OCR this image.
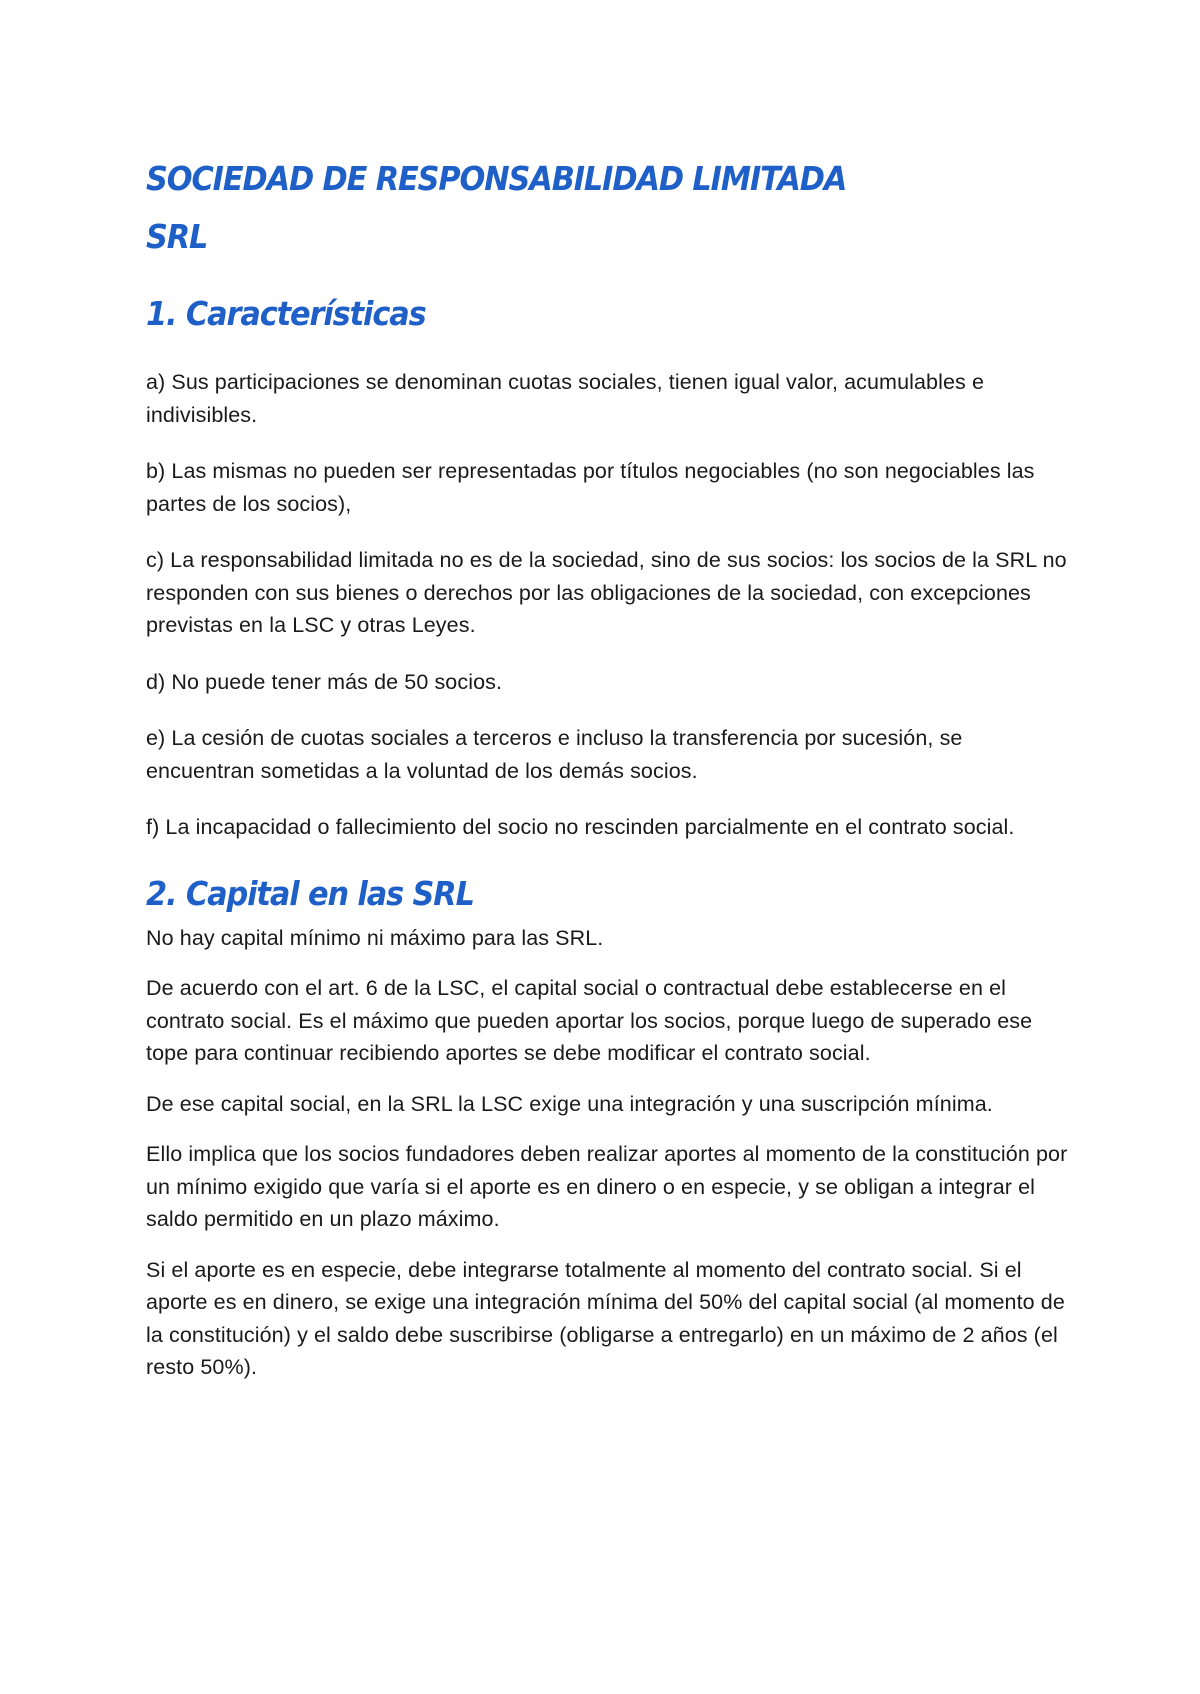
SOCIEDAD DE RESPONSABILIDAD LIMITADA
SRL
1. Características

a) Sus participaciones se denominan cuotas sociales, tienen igual valor, acumulables e indivisibles.

b) Las mismas no pueden ser representadas por títulos negociables (no son negociables las partes de los socios),

c) La responsabilidad limitada no es de la sociedad, sino de sus socios: los socios de la SRL no responden con sus bienes o derechos por las obligaciones de la sociedad, con excepciones previstas en la LSC y otras Leyes.

d) No puede tener más de 50 socios.

e) La cesión de cuotas sociales a terceros e incluso la transferencia por sucesión, se encuentran sometidas a la voluntad de los demás socios.

f) La incapacidad o fallecimiento del socio no rescinden parcialmente en el contrato social.

2. Capital en las SRL

No hay capital mínimo ni máximo para las SRL.

De acuerdo con el art. 6 de la LSC, el capital social o contractual debe establecerse en el contrato social. Es el máximo que pueden aportar los socios, porque luego de superado ese tope para continuar recibiendo aportes se debe modificar el contrato social.

De ese capital social, en la SRL la LSC exige una integración y una suscripción mínima.

Ello implica que los socios fundadores deben realizar aportes al momento de la constitución por un mínimo exigido que varía si el aporte es en dinero o en especie, y se obligan a integrar el saldo permitido en un plazo máximo.

Si el aporte es en especie, debe integrarse totalmente al momento del contrato social. Si el aporte es en dinero, se exige una integración mínima del 50% del capital social (al momento de la constitución) y el saldo debe suscribirse (obligarse a entregarlo) en un máximo de 2 años (el resto 50%).
